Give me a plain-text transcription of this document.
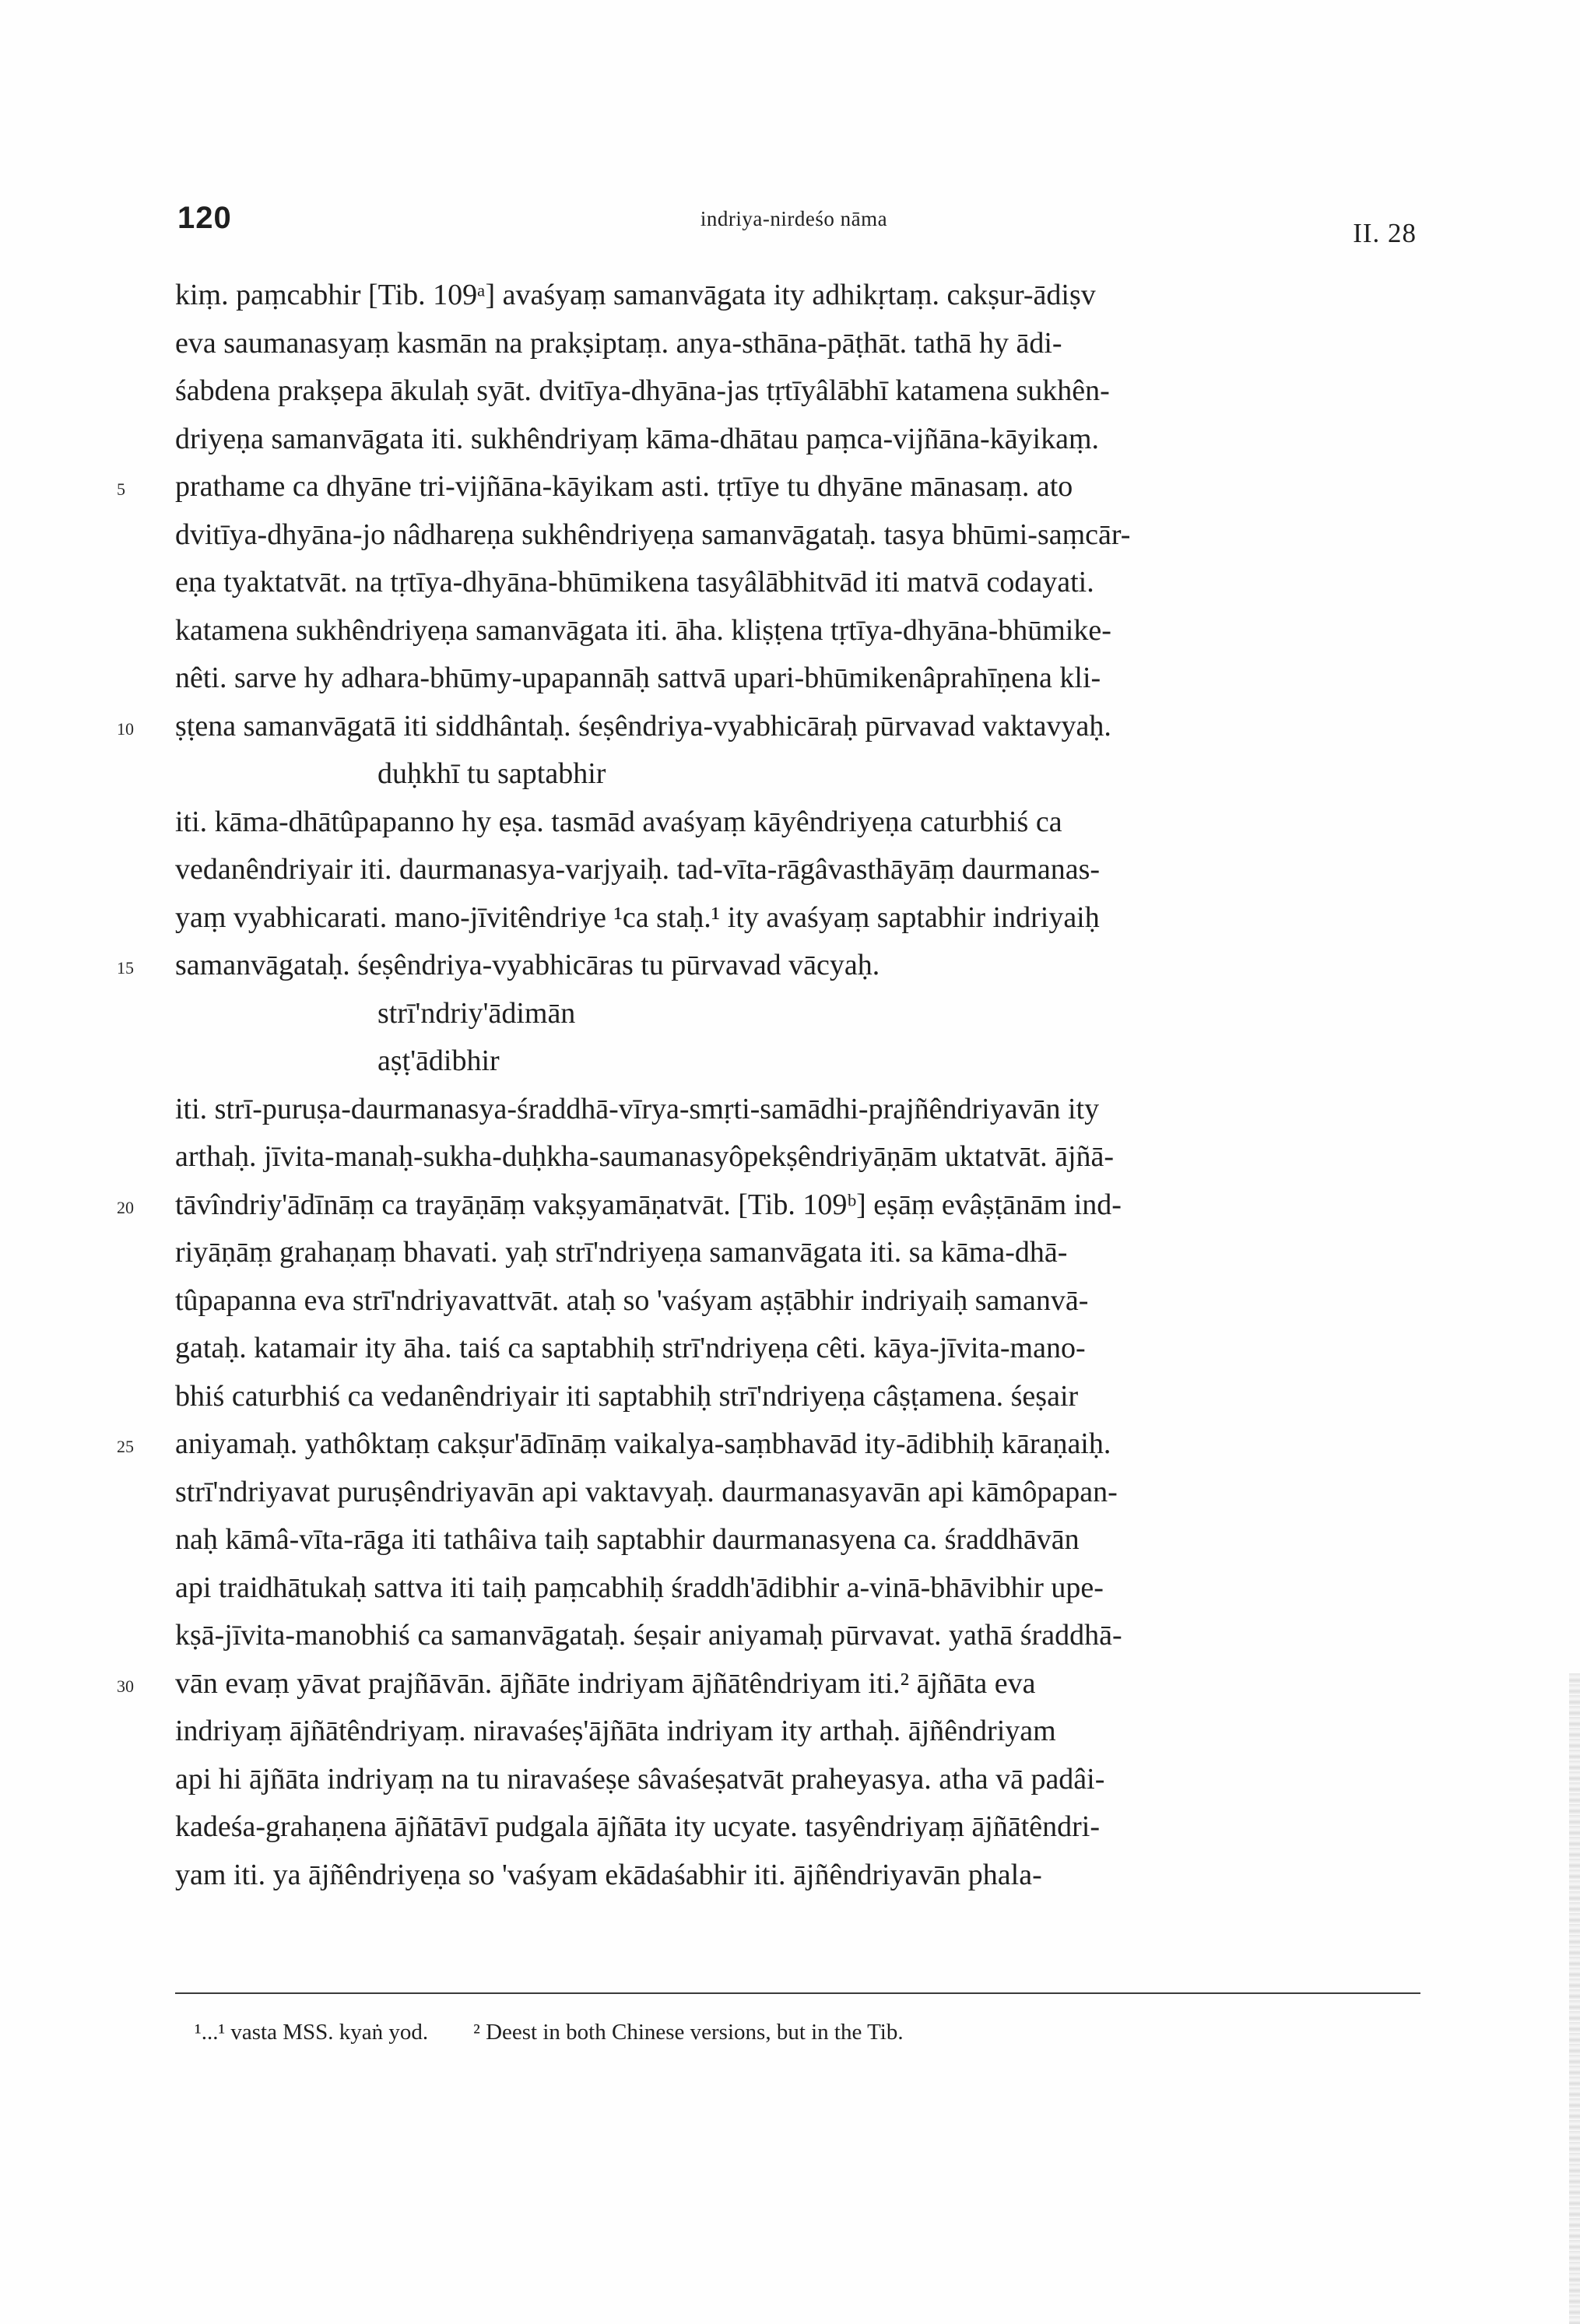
120	indriya-nirdeśo nāma	II. 28
kiṃ. paṃcabhir [Tib. 109ᵃ] avaśyaṃ samanvāgata ity adhikṛtaṃ. cakṣur-ādiṣv
eva saumanasyaṃ kasmān na prakṣiptaṃ. anya-sthāna-pāṭhāt. tathā hy ādi-
śabdena prakṣepa ākulaḥ syāt. dvitīya-dhyāna-jas tṛtīyâlābhī katamena sukhên-
driyeṇa samanvāgata iti. sukhêndriyaṃ kāma-dhātau paṃca-vijñāna-kāyikaṃ.
5	prathame ca dhyāne tri-vijñāna-kāyikam asti. tṛtīye tu dhyāne mānasaṃ. ato
dvitīya-dhyāna-jo nâdhareṇa sukhêndriyeṇa samanvāgataḥ. tasya bhūmi-saṃcār-
eṇa tyaktatvāt. na tṛtīya-dhyāna-bhūmikena tasyâlābhitvād iti matvā codayati.
katamena sukhêndriyeṇa samanvāgata iti. āha. kliṣṭena tṛtīya-dhyāna-bhūmike-
nêti. sarve hy adhara-bhūmy-upapannāḥ sattvā upari-bhūmikenâprahīṇena kli-
10	ṣṭena samanvāgatā iti siddhântaḥ. śeṣêndriya-vyabhicāraḥ pūrvavad vaktavyaḥ.
duḥkhī tu saptabhir
iti. kāma-dhātûpapanno hy eṣa. tasmād avaśyaṃ kāyêndriyeṇa caturbhiś ca
vedanêndriyair iti. daurmanasya-varjyaiḥ. tad-vīta-rāgâvasthāyāṃ daurmanas-
yaṃ vyabhicarati. mano-jīvitêndriye ¹ca staḥ.¹ ity avaśyaṃ saptabhir indriyaiḥ
15	samanvāgataḥ. śeṣêndriya-vyabhicāras tu pūrvavad vācyaḥ.
strī'ndriy'ādimān
aṣṭ'ādibhir
iti. strī-puruṣa-daurmanasya-śraddhā-vīrya-smṛti-samādhi-prajñêndriyavān ity
arthaḥ. jīvita-manaḥ-sukha-duḥkha-saumanasyôpekṣêndriyāṇām uktatvāt. ājñā-
20	tāvîndriy'ādīnāṃ ca trayāṇāṃ vakṣyamāṇatvāt. [Tib. 109ᵇ] eṣāṃ evâṣṭānām ind-
riyāṇāṃ grahaṇaṃ bhavati. yaḥ strī'ndriyeṇa samanvāgata iti. sa kāma-dhā-
tûpapanna eva strī'ndriyavattvāt. ataḥ so 'vaśyam aṣṭābhir indriyaiḥ samanvā-
gataḥ. katamair ity āha. taiś ca saptabhiḥ strī'ndriyeṇa cêti. kāya-jīvita-mano-
bhiś caturbhiś ca vedanêndriyair iti saptabhiḥ strī'ndriyeṇa câṣṭamena. śeṣair
25	aniyamaḥ. yathôktaṃ cakṣur'ādīnāṃ vaikalya-saṃbhavād ity-ādibhiḥ kāraṇaiḥ.
strī'ndriyavat puruṣêndriyavān api vaktavyaḥ. daurmanasyavān api kāmôpapan-
naḥ kāmâ-vīta-rāga iti tathâiva taiḥ saptabhir daurmanasyena ca. śraddhāvān
api traidhātukaḥ sattva iti taiḥ paṃcabhiḥ śraddh'ādibhir a-vinā-bhāvibhir upe-
kṣā-jīvita-manobhiś ca samanvāgataḥ. śeṣair aniyamaḥ pūrvavat. yathā śraddhā-
30	vān evaṃ yāvat prajñāvān. ājñāte indriyam ājñātêndriyam iti.² ājñāta eva
indriyaṃ ājñātêndriyaṃ. niravaśeṣ'ājñāta indriyam ity arthaḥ. ājñêndriyam
api hi ājñāta indriyaṃ na tu niravaśeṣe sâvaśeṣatvāt praheyasya. atha vā padâi-
kadeśa-grahaṇena ājñātāvī pudgala ājñāta ity ucyate. tasyêndriyaṃ ājñātêndri-
yam iti. ya ājñêndriyeṇa so 'vaśyam ekādaśabhir iti. ājñêndriyavān phala-
¹...¹ vasta MSS. kyaṅ yod. ² Deest in both Chinese versions, but in the Tib.
